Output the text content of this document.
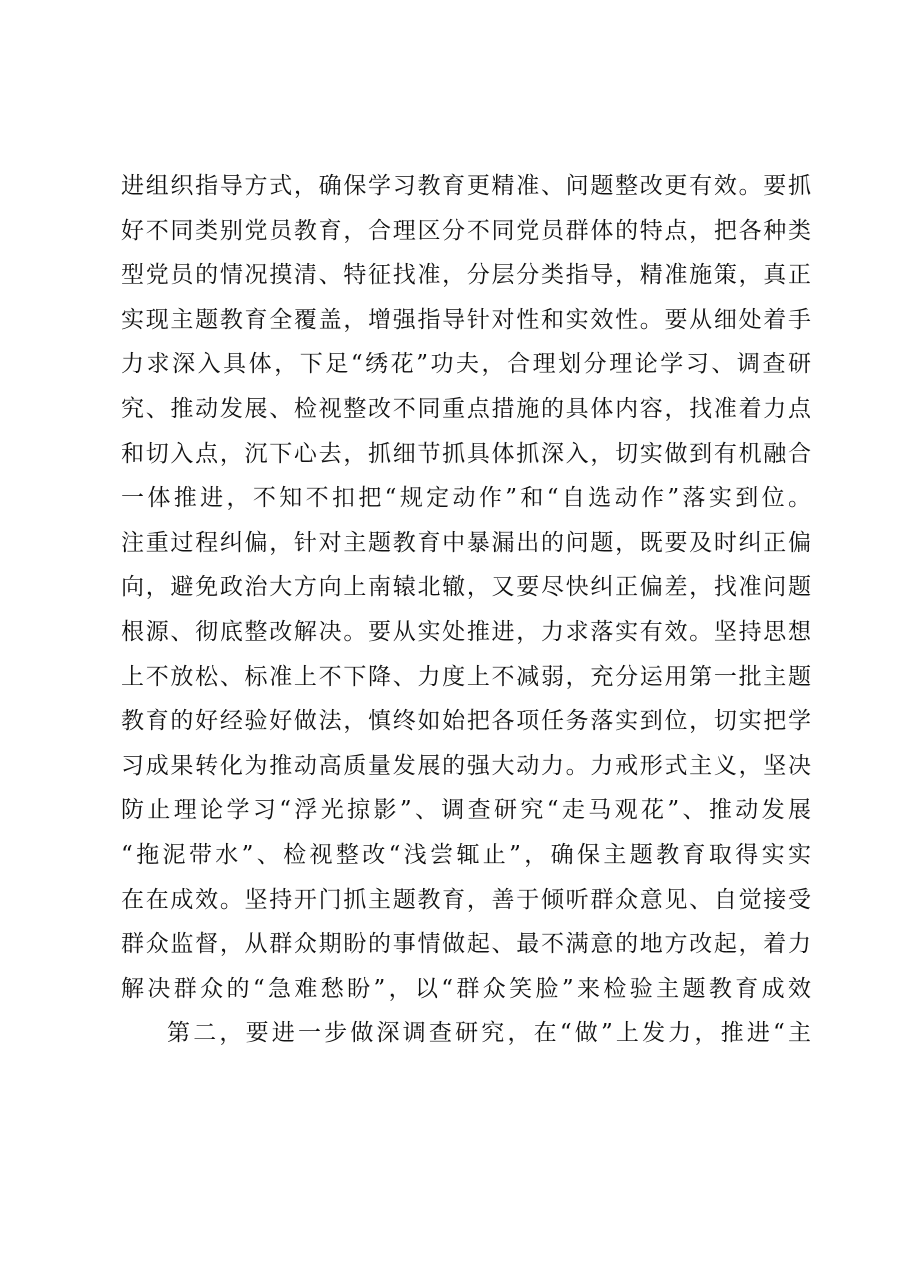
进组织指导方式，确保学习教育更精准、问题整改更有效。要抓
好不同类别党员教育，合理区分不同党员群体的特点，把各种类
型党员的情况摸清、特征找准，分层分类指导，精准施策，真正
实现主题教育全覆盖，增强指导针对性和实效性。要从细处着手
力求深入具体，下足“绣花”功夫，合理划分理论学习、调查研
究、推动发展、检视整改不同重点措施的具体内容，找准着力点
和切入点，沉下心去，抓细节抓具体抓深入，切实做到有机融合
一体推进，不知不扣把“规定动作”和“自选动作”落实到位。
注重过程纠偏，针对主题教育中暴漏出的问题，既要及时纠正偏
向，避免政治大方向上南辕北辙，又要尽快纠正偏差，找准问题
根源、彻底整改解决。要从实处推进，力求落实有效。坚持思想
上不放松、标准上不下降、力度上不减弱，充分运用第一批主题
教育的好经验好做法，慎终如始把各项任务落实到位，切实把学
习成果转化为推动高质量发展的强大动力。力戒形式主义，坚决
防止理论学习“浮光掠影”、调查研究“走马观花”、推动发展
“拖泥带水”、检视整改“浅尝辄止”，确保主题教育取得实实
在在成效。坚持开门抓主题教育，善于倾听群众意见、自觉接受
群众监督，从群众期盼的事情做起、最不满意的地方改起，着力
解决群众的“急难愁盼”，以“群众笑脸”来检验主题教育成效
第二，要进一步做深调查研究，在“做”上发力，推进“主
